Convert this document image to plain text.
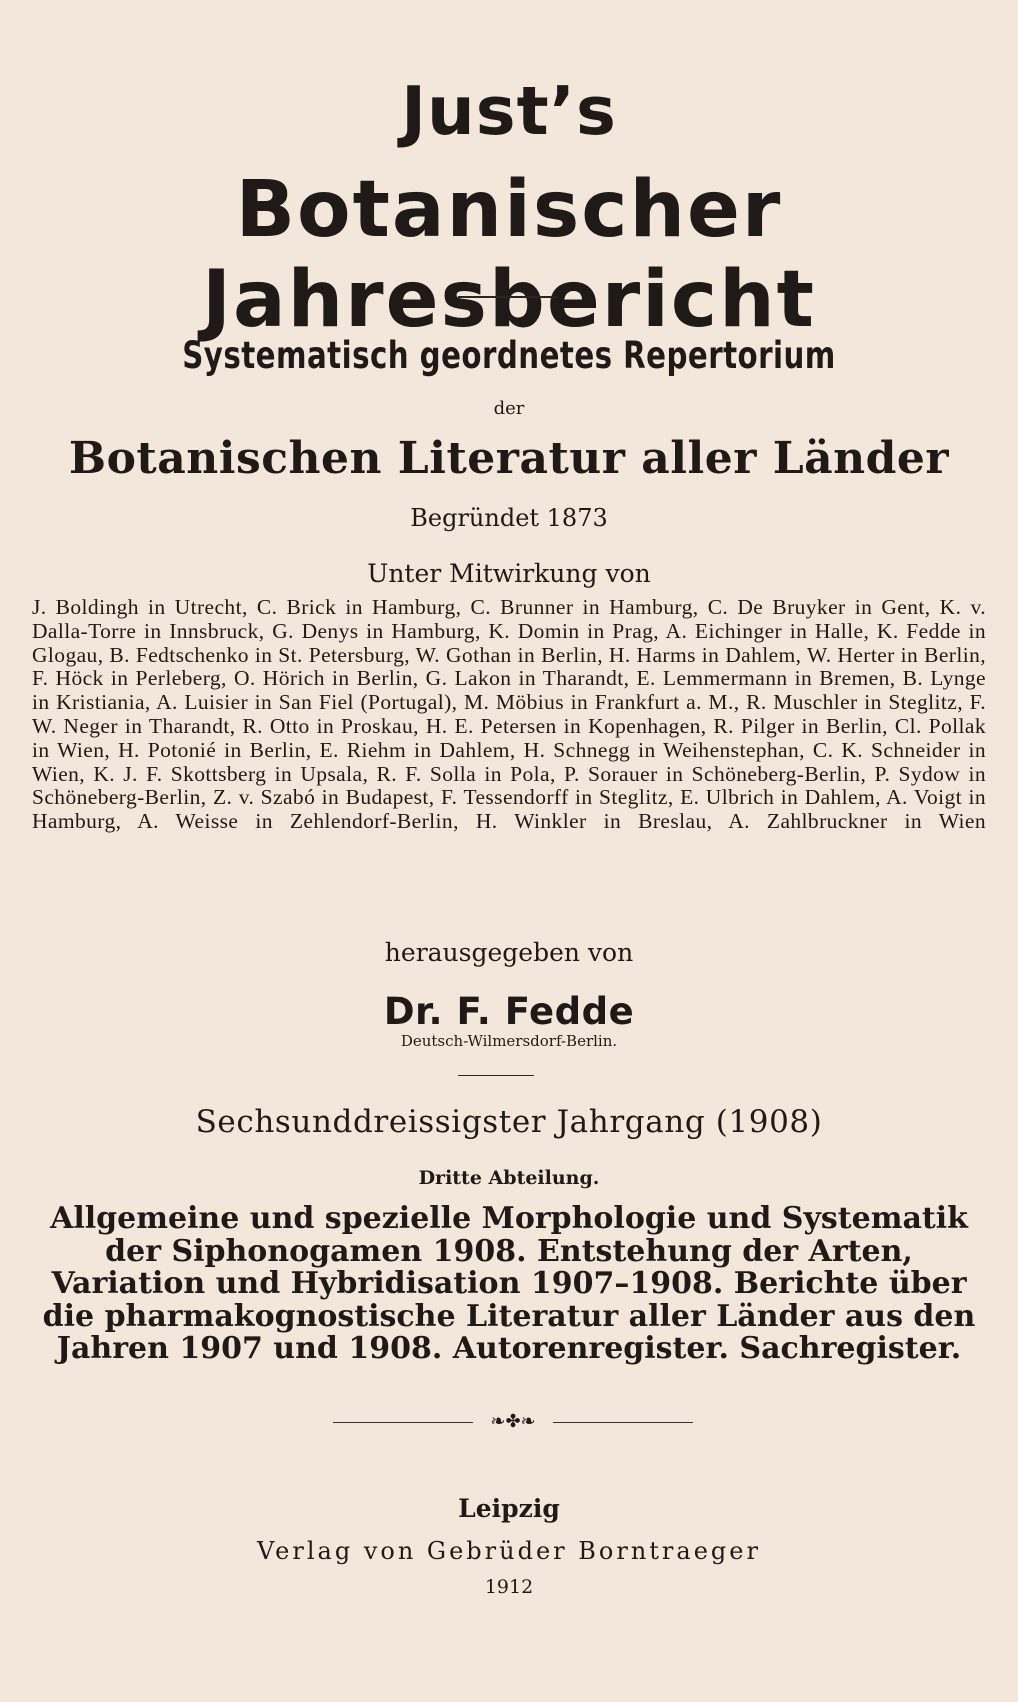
Just’s
Botanischer Jahresbericht
Systematisch geordnetes Repertorium
der
Botanischen Literatur aller Länder
Begründet 1873
Unter Mitwirkung von
J. Boldingh in Utrecht, C. Brick in Hamburg, C. Brunner in Hamburg, C. De Bruyker in Gent, K. v. Dalla-Torre in Innsbruck, G. Denys in Hamburg, K. Domin in Prag, A. Eichinger in Halle, K. Fedde in Glogau, B. Fedtschenko in St. Petersburg, W. Gothan in Berlin, H. Harms in Dahlem, W. Herter in Berlin, F. Höck in Perleberg, O. Hörich in Berlin, G. Lakon in Tharandt, E. Lemmermann in Bremen, B. Lynge in Kristiania, A. Luisier in San Fiel (Portugal), M. Möbius in Frankfurt a. M., R. Muschler in Steglitz, F. W. Neger in Tharandt, R. Otto in Proskau, H. E. Petersen in Kopenhagen, R. Pilger in Berlin, Cl. Pollak in Wien, H. Potonié in Berlin, E. Riehm in Dahlem, H. Schnegg in Weihenstephan, C. K. Schneider in Wien, K. J. F. Skottsberg in Upsala, R. F. Solla in Pola, P. Sorauer in Schöneberg-Berlin, P. Sydow in Schöneberg-Berlin, Z. v. Szabó in Budapest, F. Tessendorff in Steglitz, E. Ulbrich in Dahlem, A. Voigt in Hamburg, A. Weisse in Zehlendorf-Berlin, H. Winkler in Breslau, A. Zahlbruckner in Wien
herausgegeben von
Dr. F. Fedde
Deutsch-Wilmersdorf-Berlin.
Sechsunddreissigster Jahrgang (1908)
Dritte Abteilung.
Allgemeine und spezielle Morphologie und Systematik der Siphonogamen 1908. Entstehung der Arten, Variation und Hybridisation 1907–1908. Berichte über die pharmakognostische Literatur aller Länder aus den Jahren 1907 und 1908. Autorenregister. Sachregister.
❧✤❧
Leipzig
Verlag von Gebrüder Borntraeger
1912
